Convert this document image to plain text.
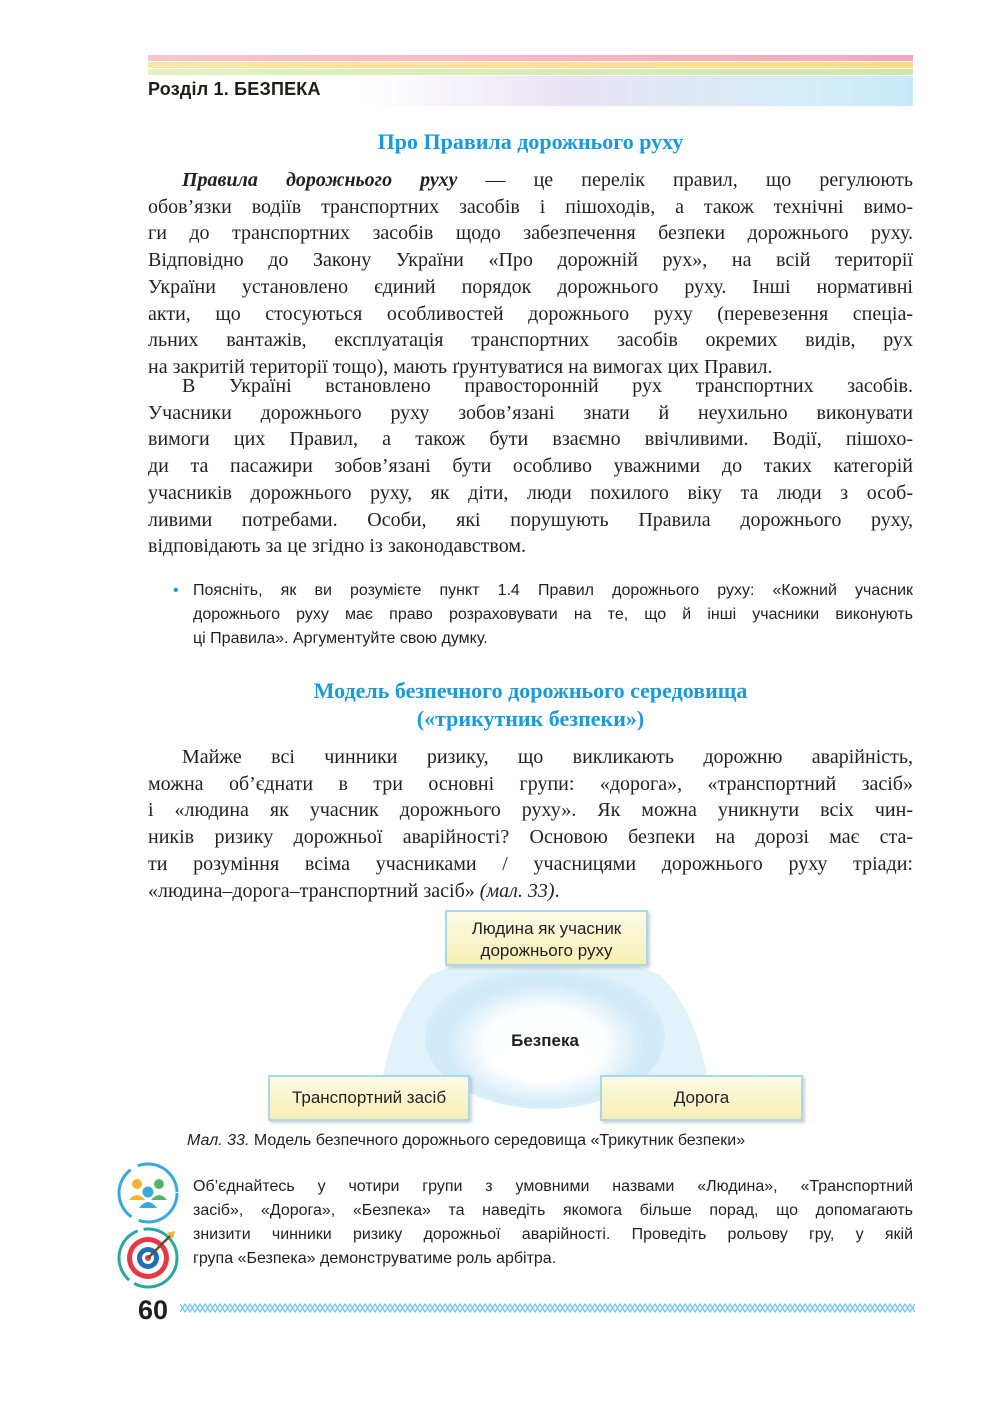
Розділ 1. БЕЗПЕКА
Про Правила дорожнього руху
Правила дорожнього руху — це перелік правил, що регулюють
обов’язки водіїв транспортних засобів і пішоходів, а також технічні вимо-
ги до транспортних засобів щодо забезпечення безпеки дорожнього руху.
Відповідно до Закону України «Про дорожній рух», на всій території
України установлено єдиний порядок дорожнього руху. Інші нормативні
акти, що стосуються особливостей дорожнього руху (перевезення спеціа-
льних вантажів, експлуатація транспортних засобів окремих видів, рух
на закритій території тощо), мають ґрунтуватися на вимогах цих Правил.
В Україні встановлено правосторонній рух транспортних засобів.
Учасники дорожнього руху зобов’язані знати й неухильно виконувати
вимоги цих Правил, а також бути взаємно ввічливими. Водії, пішохо-
ди та пасажири зобов’язані бути особливо уважними до таких категорій
учасників дорожнього руху, як діти, люди похилого віку та люди з особ-
ливими потребами. Особи, які порушують Правила дорожнього руху,
відповідають за це згідно із законодавством.
• Поясніть, як ви розумієте пункт 1.4 Правил дорожнього руху: «Кожний учасник
дорожнього руху має право розраховувати на те, що й інші учасники виконують
ці Правила». Аргументуйте свою думку.
Модель безпечного дорожнього середовища
(«трикутник безпеки»)
Майже всі чинники ризику, що викликають дорожню аварійність,
можна об’єднати в три основні групи: «дорога», «транспортний засіб»
і «людина як учасник дорожнього руху». Як можна уникнути всіх чин-
ників ризику дорожньої аварійності? Основою безпеки на дорозі має ста-
ти розуміння всіма учасниками / учасницями дорожнього руху тріади:
«людина–дорога–транспортний засіб» (мал. 33).
Людина як учасник
дорожнього руху
Безпека
Транспортний засіб	Дорога
Мал. 33. Модель безпечного дорожнього середовища «Трикутник безпеки»
Об’єднайтесь у чотири групи з умовними назвами «Людина», «Транспортний
засіб», «Дорога», «Безпека» та наведіть якомога більше порад, що допомагають
знизити чинники ризику дорожньої аварійності. Проведіть рольову гру, у якій
група «Безпека» демонструватиме роль арбітра.
60
